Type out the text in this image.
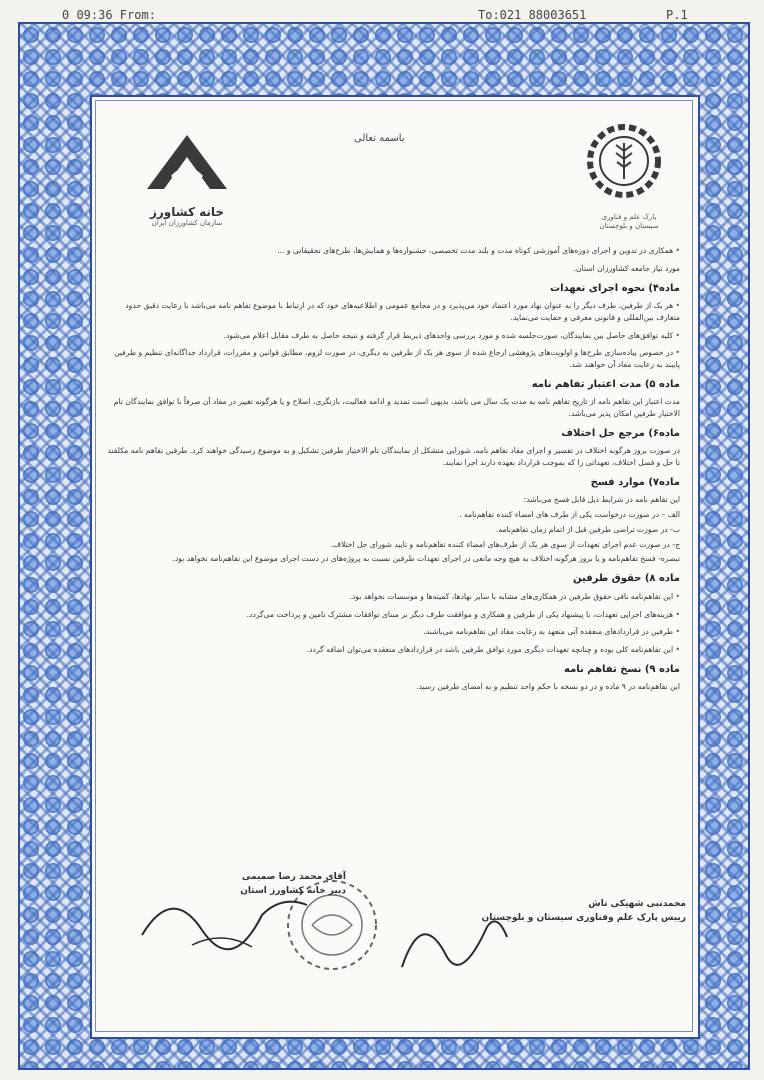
0 09:36 From:	To:021 88003651	P.1
خانه کشاورز
سازمان کشاورزان ایران
باسمه تعالی
پارک علم و فناوری
سیستان و بلوچستان

• همکاری در تدوین و اجرای دوره‌های آموزشی کوتاه مدت و بلند مدت تخصصی، جشنواره‌ها و همایش‌ها، طرح‌های تحقیقاتی و ...

مورد نیاز جامعه کشاورزان استان.

ماده۴) نحوه اجرای تعهدات

• هر یک از طرفین، طرف دیگر را به عنوان نهاد مورد اعتماد خود می‌پذیرد و در مجامع عمومی و اطلاعیه‌های خود که در ارتباط با موضوع تفاهم نامه می‌باشد با رعایت دقیق حدود متعارف بین‌المللی و قانونی معرفی و حمایت می‌نماید.

• کلیه توافق‌های حاصل بین نمایندگان، صورت‌جلسه شده و مورد بررسی واحدهای ذیربط قرار گرفته و نتیجه حاصل به طرف مقابل اعلام می‌شود.

• در خصوص پیاده‌سازی طرح‌ها و اولویت‌های پژوهشی ارجاع شده از سوی هر یک از طرفین به دیگری، در صورت لزوم، مطابق قوانین و مقررات، قرارداد جداگانه‌ای تنظیم و طرفین پایبند به رعایت مفاد آن خواهند شد.

ماده ۵) مدت اعتبار تفاهم نامه

مدت اعتبار این تفاهم نامه از تاریخ تفاهم نامه به مدت یک سال می باشد، بدیهی است تمدید و ادامه فعالیت، بازنگری، اصلاح و یا هرگونه تغییر در مفاد آن صرفاً با توافق نمایندگان تام الاختیار طرفین امکان پذیر می‌باشد.

ماده۶) مرجع حل اختلاف

در صورت بروز هرگونه اختلاف در تفسیر و اجرای مفاد تفاهم نامه، شورایی متشکل از نمایندگان تام الاختیار طرفین تشکیل و به موضوع رسیدگی خواهند کرد. طرفین تفاهم نامه مکلفند تا حل و فصل اختلاف، تعهداتی را که بموجب قرارداد بعهده دارند اجرا نمایند.

ماده۷) موارد فسخ

این تفاهم نامه در شرایط ذیل قابل فسخ می‌باشد:

الف – در صورت درخواست یکی از طرف های امضاء کننده تفاهم‌نامه .

ب- در صورت تراضی طرفین قبل از اتمام زمان تفاهم‌نامه.

ج- در صورت عدم اجرای تعهدات از سوی هر یک از طرف‌های امضاء کننده تفاهم‌نامه و تایید شورای حل اختلاف.

تبصره- فسخ تفاهم‌نامه و یا بروز هرگونه اختلاف به هیچ وجه مانعی در اجرای تعهدات طرفین نسبت به پروژه‌های در دست اجرای موضوع این تفاهم‌نامه نخواهد بود.

ماده ۸) حقوق طرفین

• این تفاهم‌نامه نافی حقوق طرفین در همکاری‌های مشابه با سایر نهادها، کمیته‌ها و موسسات نخواهد بود.

• هزینه‌های اجرایی تعهدات، با پیشنهاد یکی از طرفین و همکاری و موافقت طرف دیگر بر مبنای توافقات مشترک تامین و پرداخت می‌گردد.

• طرفین در قراردادهای منعقده آتی متعهد به رعایت مفاد این تفاهم‌نامه می‌باشند.

• این تفاهم‌نامه کلی بوده و چنانچه تعهدات دیگری مورد توافق طرفین باشد در قراردادهای منعقده می‌توان اضافه گردد.

ماده ۹) نسخ تفاهم نامه

این تفاهم‌نامه در ۹ ماده و در دو نسخه با حکم واحد تنظیم و به امضای طرفین رسید.

آقای محمد رضا صمیمی
دبیر خانه کشاورز استان
محمدنبی شهیکی تاش
رییس پارک علم وفناوری سیستان و بلوچستان
